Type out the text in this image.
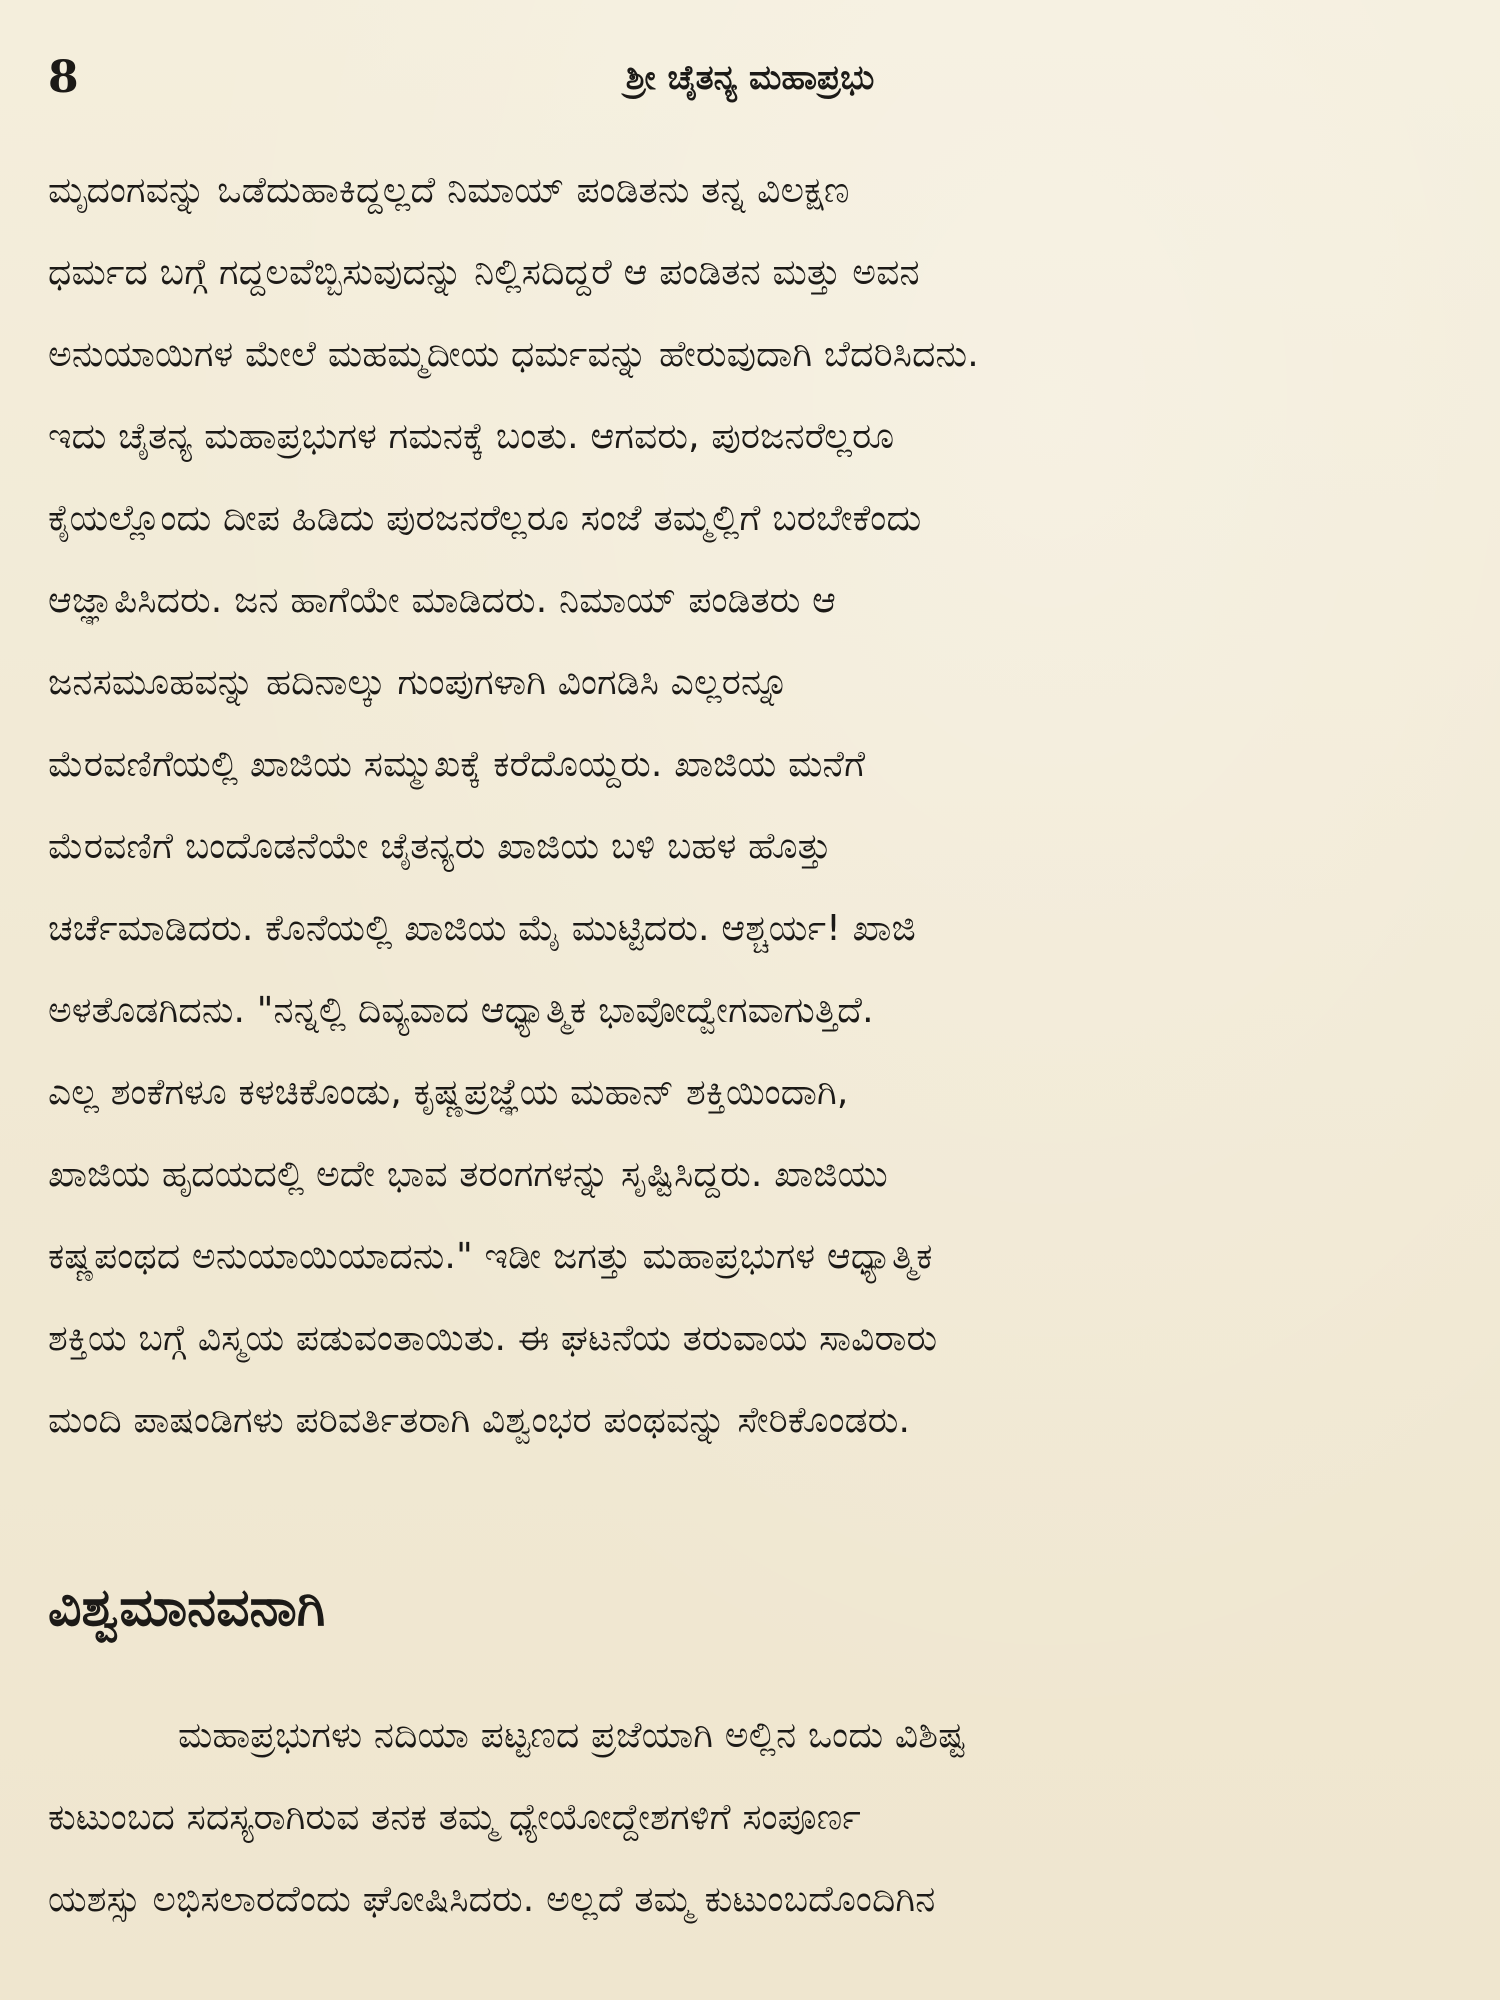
8	ಶ್ರೀ ಚೈತನ್ಯ ಮಹಾಪ್ರಭು
ಮೃದಂಗವನ್ನು ಒಡೆದುಹಾಕಿದ್ದಲ್ಲದೆ ನಿಮಾಯ್ ಪಂಡಿತನು ತನ್ನ ವಿಲಕ್ಷಣ
ಧರ್ಮದ ಬಗ್ಗೆ ಗದ್ದಲವೆಬ್ಬಿಸುವುದನ್ನು ನಿಲ್ಲಿಸದಿದ್ದರೆ ಆ ಪಂಡಿತನ ಮತ್ತು ಅವನ
ಅನುಯಾಯಿಗಳ ಮೇಲೆ ಮಹಮ್ಮದೀಯ ಧರ್ಮವನ್ನು ಹೇರುವುದಾಗಿ ಬೆದರಿಸಿದನು.
ಇದು ಚೈತನ್ಯ ಮಹಾಪ್ರಭುಗಳ ಗಮನಕ್ಕೆ ಬಂತು. ಆಗವರು, ಪುರಜನರೆಲ್ಲರೂ
ಕೈಯಲ್ಲೊಂದು ದೀಪ ಹಿಡಿದು ಪುರಜನರೆಲ್ಲರೂ ಸಂಜೆ ತಮ್ಮಲ್ಲಿಗೆ ಬರಬೇಕೆಂದು
ಆಜ್ಞಾಪಿಸಿದರು. ಜನ ಹಾಗೆಯೇ ಮಾಡಿದರು. ನಿಮಾಯ್ ಪಂಡಿತರು ಆ
ಜನಸಮೂಹವನ್ನು ಹದಿನಾಲ್ಕು ಗುಂಪುಗಳಾಗಿ ವಿಂಗಡಿಸಿ ಎಲ್ಲರನ್ನೂ
ಮೆರವಣಿಗೆಯಲ್ಲಿ ಖಾಜಿಯ ಸಮ್ಮುಖಕ್ಕೆ ಕರೆದೊಯ್ದರು. ಖಾಜಿಯ ಮನೆಗೆ
ಮೆರವಣಿಗೆ ಬಂದೊಡನೆಯೇ ಚೈತನ್ಯರು ಖಾಜಿಯ ಬಳಿ ಬಹಳ ಹೊತ್ತು
ಚರ್ಚೆಮಾಡಿದರು. ಕೊನೆಯಲ್ಲಿ ಖಾಜಿಯ ಮೈ ಮುಟ್ಟಿದರು. ಆಶ್ಚರ್ಯ! ಖಾಜಿ
ಅಳತೊಡಗಿದನು. "ನನ್ನಲ್ಲಿ ದಿವ್ಯವಾದ ಆಧ್ಯಾತ್ಮಿಕ ಭಾವೋದ್ವೇಗವಾಗುತ್ತಿದೆ.
ಎಲ್ಲ ಶಂಕೆಗಳೂ ಕಳಚಿಕೊಂಡು, ಕೃಷ್ಣಪ್ರಜ್ಞೆಯ ಮಹಾನ್ ಶಕ್ತಿಯಿಂದಾಗಿ,
ಖಾಜಿಯ ಹೃದಯದಲ್ಲಿ ಅದೇ ಭಾವ ತರಂಗಗಳನ್ನು ಸೃಷ್ಟಿಸಿದ್ದರು. ಖಾಜಿಯು
ಕಷ್ಣಪಂಥದ ಅನುಯಾಯಿಯಾದನು." ಇಡೀ ಜಗತ್ತು ಮಹಾಪ್ರಭುಗಳ ಆಧ್ಯಾತ್ಮಿಕ
ಶಕ್ತಿಯ ಬಗ್ಗೆ ವಿಸ್ಮಯ ಪಡುವಂತಾಯಿತು. ಈ ಘಟನೆಯ ತರುವಾಯ ಸಾವಿರಾರು
ಮಂದಿ ಪಾಷಂಡಿಗಳು ಪರಿವರ್ತಿತರಾಗಿ ವಿಶ್ವಂಭರ ಪಂಥವನ್ನು ಸೇರಿಕೊಂಡರು.
ವಿಶ್ವಮಾನವನಾಗಿ
ಮಹಾಪ್ರಭುಗಳು ನದಿಯಾ ಪಟ್ಟಣದ ಪ್ರಜೆಯಾಗಿ ಅಲ್ಲಿನ ಒಂದು ವಿಶಿಷ್ಟ
ಕುಟುಂಬದ ಸದಸ್ಯರಾಗಿರುವ ತನಕ ತಮ್ಮ ಧ್ಯೇಯೋದ್ದೇಶಗಳಿಗೆ ಸಂಪೂರ್ಣ
ಯಶಸ್ಸು ಲಭಿಸಲಾರದೆಂದು ಘೋಷಿಸಿದರು. ಅಲ್ಲದೆ ತಮ್ಮ ಕುಟುಂಬದೊಂದಿಗಿನ
